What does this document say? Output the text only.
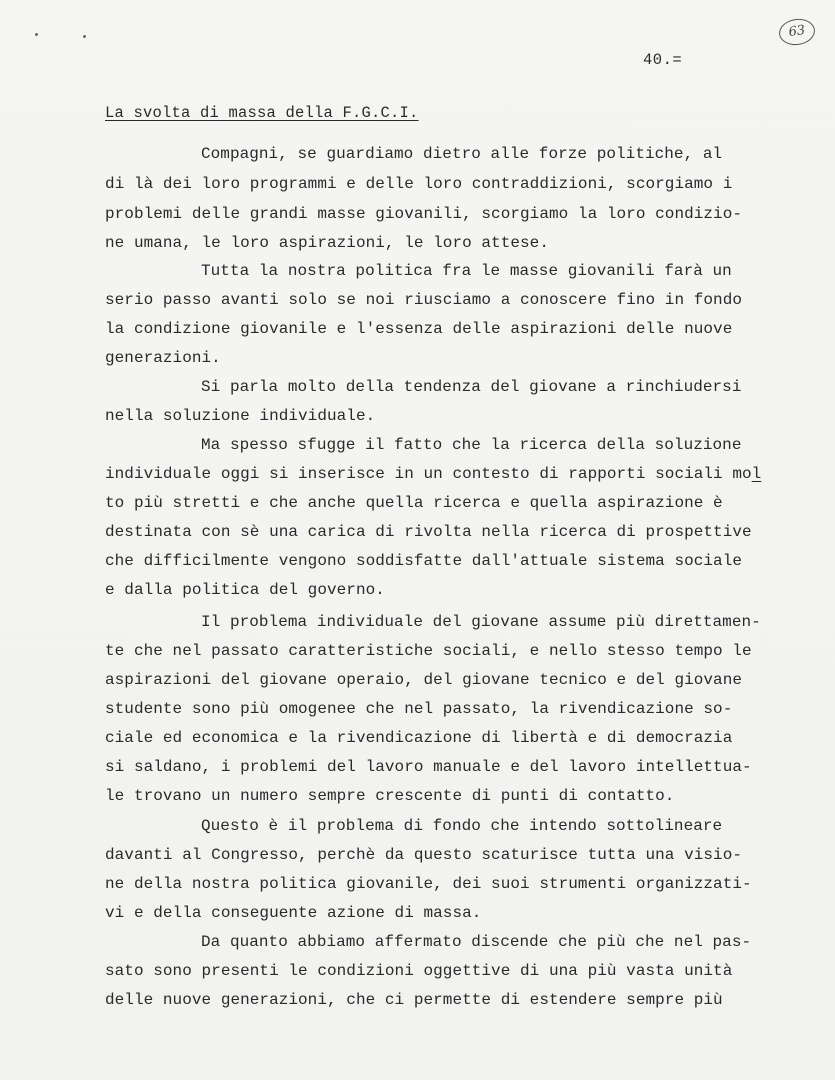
63
40.=
La svolta di massa della F.G.C.I.
Compagni, se guardiamo dietro alle forze politiche, al
di là dei loro programmi e delle loro contraddizioni, scorgiamo i
problemi delle grandi masse giovanili, scorgiamo la loro condizio-
ne umana, le loro aspirazioni, le loro attese.
Tutta la nostra politica fra le masse giovanili farà un
serio passo avanti solo se noi riusciamo a conoscere fino in fondo
la condizione giovanile e l'essenza delle aspirazioni delle nuove
generazioni.
Si parla molto della tendenza del giovane a rinchiudersi
nella soluzione individuale.
Ma spesso sfugge il fatto che la ricerca della soluzione
individuale oggi si inserisce in un contesto di rapporti sociali mol
to più stretti e che anche quella ricerca e quella aspirazione è
destinata con sè una carica di rivolta nella ricerca di prospettive
che difficilmente vengono soddisfatte dall'attuale sistema sociale
e dalla politica del governo.
Il problema individuale del giovane assume più direttamen-
te che nel passato caratteristiche sociali, e nello stesso tempo le
aspirazioni del giovane operaio, del giovane tecnico e del giovane
studente sono più omogenee che nel passato, la rivendicazione so-
ciale ed economica e la rivendicazione di libertà e di democrazia
si saldano, i problemi del lavoro manuale e del lavoro intellettua-
le trovano un numero sempre crescente di punti di contatto.
Questo è il problema di fondo che intendo sottolineare
davanti al Congresso, perchè da questo scaturisce tutta una visio-
ne della nostra politica giovanile, dei suoi strumenti organizzati-
vi e della conseguente azione di massa.
Da quanto abbiamo affermato discende che più che nel pas-
sato sono presenti le condizioni oggettive di una più vasta unità
delle nuove generazioni, che ci permette di estendere sempre più
